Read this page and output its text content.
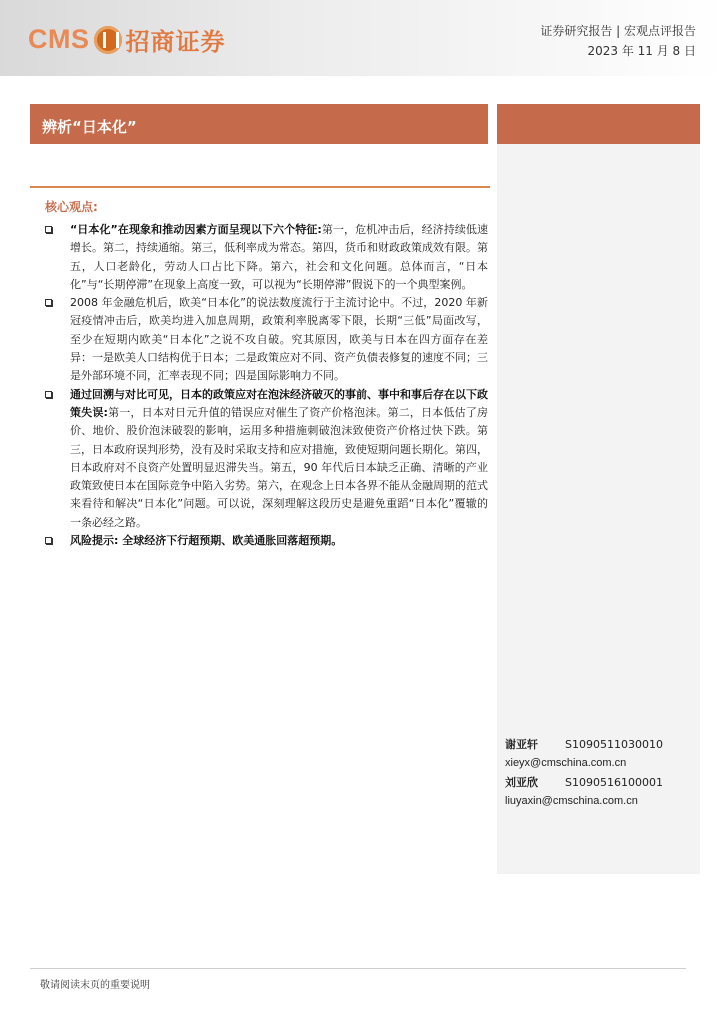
CMS 招商证券	证券研究报告 | 宏观点评报告
2023 年 11 月 8 日
辨析“日本化”
核心观点:
“日本化”在现象和推动因素方面呈现以下六个特征:第一，危机冲击后，经济持续低速增长。第二，持续通缩。第三，低利率成为常态。第四，货币和财政政策成效有限。第五，人口老龄化，劳动人口占比下降。第六，社会和文化问题。总体而言，“日本化”与“长期停滞”在现象上高度一致，可以视为“长期停滞”假说下的一个典型案例。
2008 年金融危机后，欧美“日本化”的说法数度流行于主流讨论中。不过，2020 年新冠疫情冲击后，欧美均进入加息周期，政策利率脱离零下限，长期“三低”局面改写，至少在短期内欧美“日本化”之说不攻自破。究其原因，欧美与日本在四方面存在差异：一是欧美人口结构优于日本；二是政策应对不同、资产负债表修复的速度不同；三是外部环境不同，汇率表现不同；四是国际影响力不同。
通过回溯与对比可见，日本的政策应对在泡沫经济破灭的事前、事中和事后存在以下政策失误:第一，日本对日元升值的错误应对催生了资产价格泡沫。第二，日本低估了房价、地价、股价泡沫破裂的影响，运用多种措施刺破泡沫致使资产价格过快下跌。第三，日本政府误判形势，没有及时采取支持和应对措施，致使短期问题长期化。第四，日本政府对不良资产处置明显迟滞失当。第五，90 年代后日本缺乏正确、清晰的产业政策致使日本在国际竞争中陷入劣势。第六，在观念上日本各界不能从金融周期的范式来看待和解决“日本化”问题。可以说，深刻理解这段历史是避免重蹈“日本化”覆辙的一条必经之路。
风险提示: 全球经济下行超预期、欧美通胀回落超预期。
谢亚轩	S1090511030010
xieyx@cmschina.com.cn
刘亚欣	S1090516100001
liuyaxin@cmschina.com.cn
敬请阅读末页的重要说明
